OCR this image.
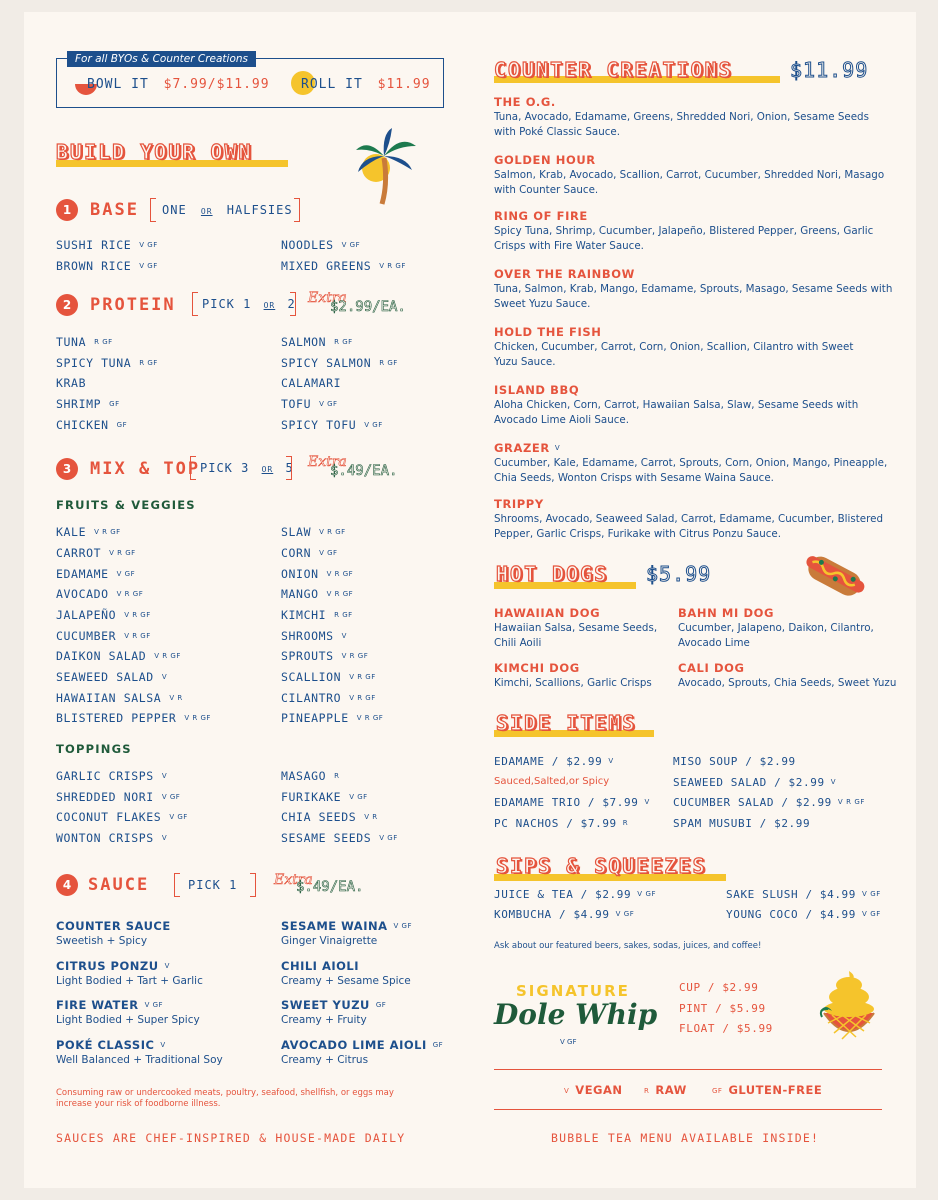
For all BYOs & Counter Creations
BOWL IT $7.99/$11.99 ROLL IT $11.99
BUILD YOUR OWN
1	BASE ONE OR HALFSIES
SUSHI RICE V GF	NOODLES V GF
BROWN RICE V GF	MIXED GREENS V R GF
2	PROTEIN PICK 1 OR 2 Extra
$2.99/EA.
TUNA R GF	SALMON R GF
SPICY TUNA R GF	SPICY SALMON R GF
KRAB	CALAMARI
SHRIMP GF	TOFU V GF
CHICKEN GF	SPICY TOFU V GF
3	MIX & TOP PICK 3 OR 5 Extra
$.49/EA.
FRUITS & VEGGIES
KALE V R GF	SLAW V R GF
CARROT V R GF	CORN V GF
EDAMAME V GF	ONION V R GF
AVOCADO V R GF	MANGO V R GF
JALAPEÑO V R GF	KIMCHI R GF
CUCUMBER V R GF	SHROOMS V
DAIKON SALAD V R GF	SPROUTS V R GF
SEAWEED SALAD V	SCALLION V R GF
HAWAIIAN SALSA V R	CILANTRO V R GF
BLISTERED PEPPER V R GF	PINEAPPLE V R GF
TOPPINGS
GARLIC CRISPS V	MASAGO R
SHREDDED NORI V GF	FURIKAKE V GF
COCONUT FLAKES V GF	CHIA SEEDS V R
WONTON CRISPS V	SESAME SEEDS V GF
4 SAUCE	PICK 1	Extra
$.49/EA.
COUNTER SAUCE
Sweetish + Spicy
SESAME WAINA V GF
Ginger Vinaigrette
CITRUS PONZU V
Light Bodied + Tart + Garlic
CHILI AIOLI
Creamy + Sesame Spice
FIRE WATER V GF
Light Bodied + Super Spicy
SWEET YUZU GF
Creamy + Fruity
POKÉ CLASSIC V
Well Balanced + Traditional Soy
AVOCADO LIME AIOLI GF
Creamy + Citrus
Consuming raw or undercooked meats, poultry, seafood, shellfish, or eggs may increase your risk of foodborne illness.
SAUCES ARE CHEF-INSPIRED & HOUSE-MADE DAILY
COUNTER CREATIONS	$11.99
THE O.G.
Tuna, Avocado, Edamame, Greens, Shredded Nori, Onion, Sesame Seeds with Poké Classic Sauce.
GOLDEN HOUR
Salmon, Krab, Avocado, Scallion, Carrot, Cucumber, Shredded Nori, Masago with Counter Sauce.
RING OF FIRE
Spicy Tuna, Shrimp, Cucumber, Jalapeño, Blistered Pepper, Greens, Garlic Crisps with Fire Water Sauce.
OVER THE RAINBOW
Tuna, Salmon, Krab, Mango, Edamame, Sprouts, Masago, Sesame Seeds with Sweet Yuzu Sauce.
HOLD THE FISH
Chicken, Cucumber, Carrot, Corn, Onion, Scallion, Cilantro with Sweet Yuzu Sauce.
ISLAND BBQ
Aloha Chicken, Corn, Carrot, Hawaiian Salsa, Slaw, Sesame Seeds with Avocado Lime Aioli Sauce.
GRAZER V
Cucumber, Kale, Edamame, Carrot, Sprouts, Corn, Onion, Mango, Pineapple, Chia Seeds, Wonton Crisps with Sesame Waina Sauce.
TRIPPY
Shrooms, Avocado, Seaweed Salad, Carrot, Edamame, Cucumber, Blistered Pepper, Garlic Crisps, Furikake with Citrus Ponzu Sauce.
HOT DOGS $5.99
HAWAIIAN DOG
Hawaiian Salsa, Sesame Seeds, Chili Aoili
BAHN MI DOG
Cucumber, Jalapeno, Daikon, Cilantro, Avocado Lime
KIMCHI DOG
Kimchi, Scallions, Garlic Crisps
CALI DOG
Avocado, Sprouts, Chia Seeds, Sweet Yuzu
SIDE ITEMS
EDAMAME / $2.99 V	MISO SOUP / $2.99
Sauced,Salted,or Spicy	SEAWEED SALAD / $2.99 V
EDAMAME TRIO / $7.99 V CUCUMBER SALAD / $2.99 V R GF
PC NACHOS / $7.99 R	SPAM MUSUBI / $2.99
SIPS & SQUEEZES
JUICE & TEA / $2.99 V GF	SAKE SLUSH / $4.99 V GF
KOMBUCHA / $4.99 V GF	YOUNG COCO / $4.99 V GF
Ask about our featured beers, sakes, sodas, juices, and coffee!
SIGNATURE
Dole Whip
V GF
CUP / $2.99
PINT / $5.99
FLOAT / $5.99
V VEGAN	R RAW	GF GLUTEN-FREE
BUBBLE TEA MENU AVAILABLE INSIDE!
